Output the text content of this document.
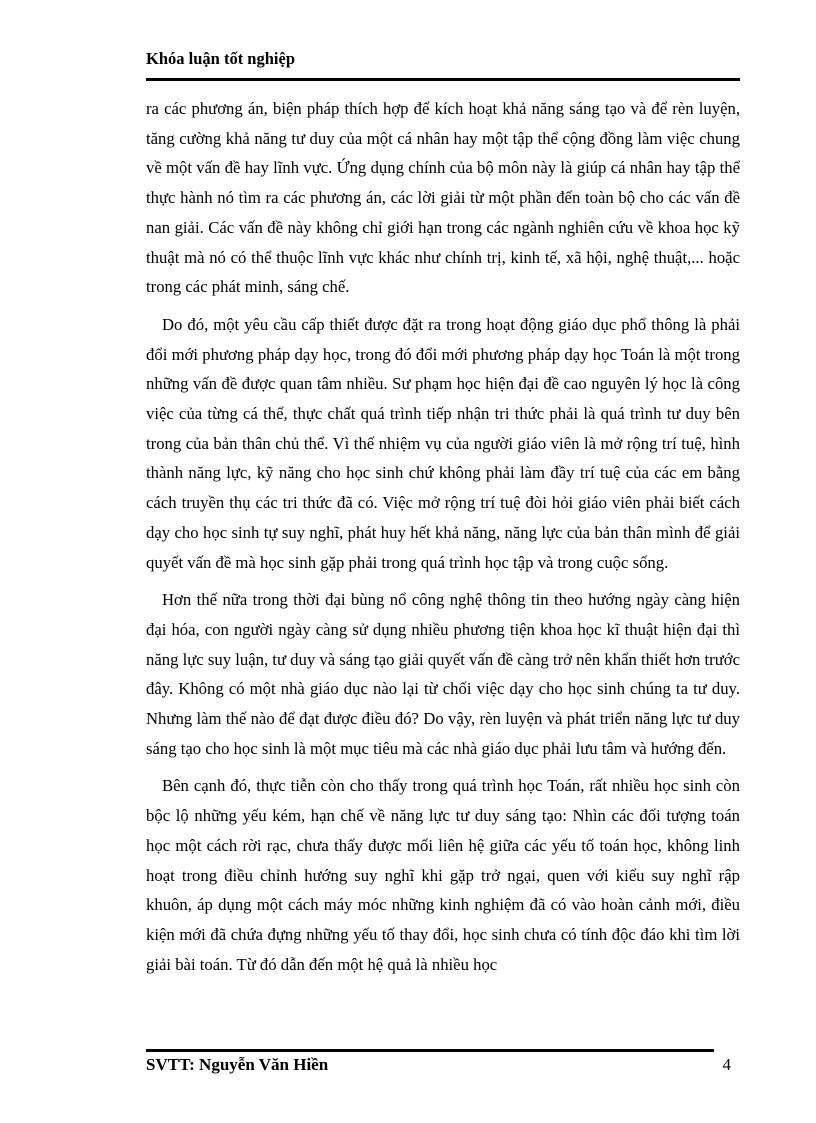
Khóa luận tốt nghiệp

ra các phương án, biện pháp thích hợp để kích hoạt khả năng sáng tạo và để rèn luyện, tăng cường khả năng tư duy của một cá nhân hay một tập thể cộng đồng làm việc chung về một vấn đề hay lĩnh vực. Ứng dụng chính của bộ môn này là giúp cá nhân hay tập thể thực hành nó tìm ra các phương án, các lời giải từ một phần đến toàn bộ cho các vấn đề nan giải. Các vấn đề này không chỉ giới hạn trong các ngành nghiên cứu về khoa học kỹ thuật mà nó có thể thuộc lĩnh vực khác như chính trị, kinh tế, xã hội, nghệ thuật,... hoặc trong các phát minh, sáng chế.

Do đó, một yêu cầu cấp thiết được đặt ra trong hoạt động giáo dục phổ thông là phải đổi mới phương pháp dạy học, trong đó đổi mới phương pháp dạy học Toán là một trong những vấn đề được quan tâm nhiều. Sư phạm học hiện đại đề cao nguyên lý học là công việc của từng cá thể, thực chất quá trình tiếp nhận tri thức phải là quá trình tư duy bên trong của bản thân chủ thể. Vì thế nhiệm vụ của người giáo viên là mở rộng trí tuệ, hình thành năng lực, kỹ năng cho học sinh chứ không phải làm đầy trí tuệ của các em bằng cách truyền thụ các tri thức đã có. Việc mở rộng trí tuệ đòi hỏi giáo viên phải biết cách dạy cho học sinh tự suy nghĩ, phát huy hết khả năng, năng lực của bản thân mình để giải quyết vấn đề mà học sinh gặp phải trong quá trình học tập và trong cuộc sống.

Hơn thế nữa trong thời đại bùng nổ công nghệ thông tin theo hướng ngày càng hiện đại hóa, con người ngày càng sử dụng nhiều phương tiện khoa học kĩ thuật hiện đại thì năng lực suy luận, tư duy và sáng tạo giải quyết vấn đề càng trở nên khẩn thiết hơn trước đây. Không có một nhà giáo dục nào lại từ chối việc dạy cho học sinh chúng ta tư duy. Nhưng làm thế nào để đạt được điều đó? Do vậy, rèn luyện và phát triển năng lực tư duy sáng tạo cho học sinh là một mục tiêu mà các nhà giáo dục phải lưu tâm và hướng đến.

Bên cạnh đó, thực tiễn còn cho thấy trong quá trình học Toán, rất nhiều học sinh còn bộc lộ những yếu kém, hạn chế về năng lực tư duy sáng tạo: Nhìn các đối tượng toán học một cách rời rạc, chưa thấy được mối liên hệ giữa các yếu tố toán học, không linh hoạt trong điều chỉnh hướng suy nghĩ khi gặp trở ngại, quen với kiểu suy nghĩ rập khuôn, áp dụng một cách máy móc những kinh nghiệm đã có vào hoàn cảnh mới, điều kiện mới đã chứa đựng những yếu tố thay đổi, học sinh chưa có tính độc đáo khi tìm lời giải bài toán. Từ đó dẫn đến một hệ quả là nhiều học

SVTT: Nguyễn Văn Hiền	4
